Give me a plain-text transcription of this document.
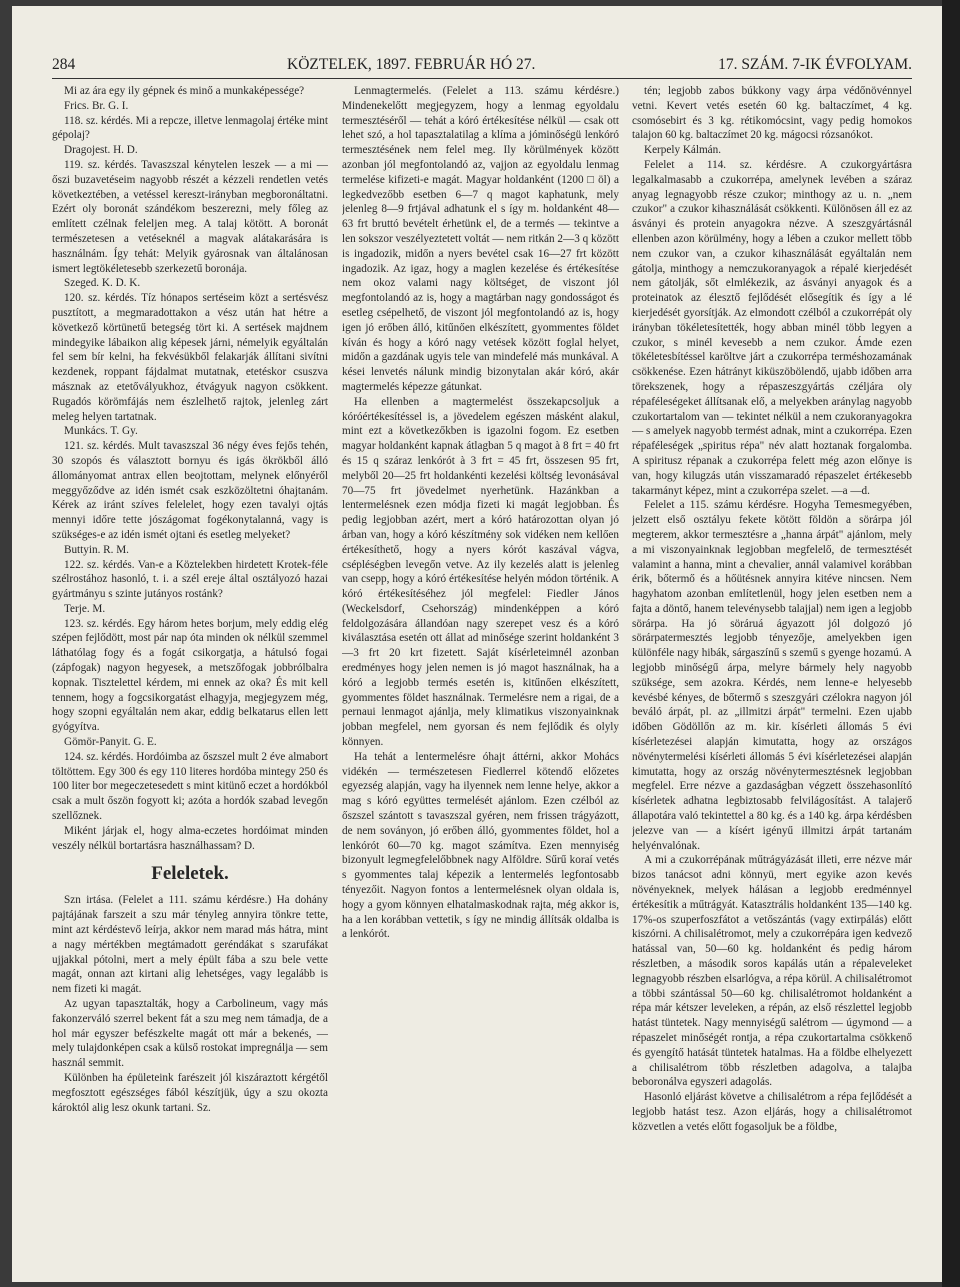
284	KÖZTELEK, 1897. FEBRUÁR HÓ 27.	17. SZÁM. 7-IK ÉVFOLYAM.

Mi az ára egy ily gépnek és minő a munkaképessége?

Frics. Br. G. I.

118. sz. kérdés. Mi a repcze, illetve lenmagolaj értéke mint gépolaj?

Dragojest. H. D.

119. sz. kérdés. Tavaszszal kénytelen leszek — a mi — őszi buzavetéseim nagyobb részét a kézzeli rendetlen vetés következtében, a vetéssel kereszt-irányban megboronáltatni. Ezért oly boronát szándékom beszerezni, mely főleg az említett czélnak feleljen meg. A talaj kötött. A boronát természetesen a vetéseknél a magvak alátakarására is használnám. Így tehát: Melyik gyárosnak van általánosan ismert legtökéletesebb szerkezetű boronája.

Szeged. K. D. K.

120. sz. kérdés. Tíz hónapos sertéseim közt a sertésvész pusztított, a megmaradottakon a vész után hat hétre a következő körtünetű betegség tört ki. A sertések majdnem mindegyike lábaikon alig képesek járni, némelyik egyáltalán fel sem bír kelni, ha fekvésükből felakarják állítani sivítni kezdenek, roppant fájdalmat mutatnak, etetéskor csuszva másznak az etetővályukhoz, étvágyuk nagyon csökkent. Rugadós körömfájás nem észlelhető rajtok, jelenleg zárt meleg helyen tartatnak.

Munkács. T. Gy.

121. sz. kérdés. Mult tavaszszal 36 négy éves fejős tehén, 30 szopós és választott bornyu és igás ökrökből álló állományomat antrax ellen beojtottam, melynek előnyéről meggyőződve az idén ismét csak eszközöltetni óhajtanám. Kérek az iránt szíves felelelet, hogy ezen tavalyi ojtás mennyi időre tette jószágomat fogékonytalanná, vagy is szükséges-e az idén ismét ojtani és esetleg melyeket?

Buttyin. R. M.

122. sz. kérdés. Van-e a Köztelekben hirdetett Krotek-féle szélrostához hasonló, t. i. a szél ereje által osztályozó hazai gyártmányu s szinte jutányos rostánk?

Terje. M.

123. sz. kérdés. Egy három hetes borjum, mely eddig elég szépen fejlődött, most pár nap óta minden ok nélkül szemmel láthatólag fogy és a fogát csikorgatja, a hátulsó fogai (zápfogak) nagyon hegyesek, a metszőfogak jobbrólbalra kopnak. Tisztelettel kérdem, mi ennek az oka? És mit kell tennem, hogy a fogcsikorgatást elhagyja, megjegyzem még, hogy szopni egyáltalán nem akar, eddig belkatarus ellen lett gyógyítva.

Gömör-Panyit. G. E.

124. sz. kérdés. Hordóimba az őszszel mult 2 éve almabort töltöttem. Egy 300 és egy 110 literes hordóba mintegy 250 és 100 liter bor megeczetesedett s mint kitünő eczet a hordókból csak a mult őszön fogyott ki; azóta a hordók szabad levegőn szellőznek.

Miként járjak el, hogy alma-eczetes hordóimat minden veszély nélkül bortartásra használhassam? D.

Feleletek.

Szn irtása. (Felelet a 111. számu kérdésre.) Ha dohány pajtájának farszeit a szu már tényleg annyira tönkre tette, mint azt kérdéstevő leírja, akkor nem marad más hátra, mint a nagy mértékben megtámadott geréndákat s szarufákat ujjakkal pótolni, mert a mely épült fába a szu bele vette magát, onnan azt kirtani alig lehetséges, vagy legalább is nem fizeti ki magát.

Az ugyan tapasztalták, hogy a Carbolineum, vagy más fakonzerváló szerrel bekent fát a szu meg nem támadja, de a hol már egyszer befészkelte magát ott már a bekenés, — mely tulajdonképen csak a külső rostokat impregnálja — sem használ semmit.

Különben ha épületeink farészeit jól kiszáraztott kérgétől megfosztott egészséges fából készítjük, úgy a szu okozta károktól alig lesz okunk tartani. Sz.

Lenmagtermelés. (Felelet a 113. számu kérdésre.) Mindenekelőtt megjegyzem, hogy a lenmag egyoldalu termesztéséről — tehát a kóró értékesítése nélkül — csak ott lehet szó, a hol tapasztalatilag a klíma a jóminőségü lenkóró termesztésének nem felel meg. Ily körülmények között azonban jól megfontolandó az, vajjon az egyoldalu lenmag termelése kifizeti-e magát. Magyar holdanként (1200 □ öl) a legkedvezőbb esetben 6—7 q magot kaphatunk, mely jelenleg 8—9 frtjával adhatunk el s így m. holdanként 48—63 frt bruttó bevételt érhetünk el, de a termés — tekintve a len sokszor veszélyeztetett voltát — nem ritkán 2—3 q között is ingadozik, midőn a nyers bevétel csak 16—27 frt között ingadozik. Az igaz, hogy a maglen kezelése és értékesítése nem okoz valami nagy költséget, de viszont jól megfontolandó az is, hogy a magtárban nagy gondosságot és esetleg csépelhető, de viszont jól megfontolandó az is, hogy igen jó erőben álló, kitűnően elkészített, gyommentes földet kíván és hogy a kóró nagy vetések között foglal helyet, midőn a gazdának ugyis tele van mindefelé más munkával. A kései lenvetés nálunk mindig bizonytalan akár kóró, akár magtermelés képezze gátunkat.

Ha ellenben a magtermelést összekapcsoljuk a kóróértékesítéssel is, a jövedelem egészen másként alakul, mint ezt a következőkben is igazolni fogom. Ez esetben magyar holdanként kapnak átlagban 5 q magot à 8 frt = 40 frt és 15 q száraz lenkórót à 3 frt = 45 frt, összesen 95 frt, melyből 20—25 frt holdankénti kezelési költség levonásával 70—75 frt jövedelmet nyerhetünk. Hazánkban a lentermelésnek ezen módja fizeti ki magát legjobban. És pedig legjobban azért, mert a kóró határozottan olyan jó árban van, hogy a kóró készítmény sok vidéken nem kellően értékesíthető, hogy a nyers kórót kaszával vágva, csépléségben levegőn vetve. Az ily kezelés alatt is jelenleg van csepp, hogy a kóró értékesítése helyén módon történik. A kóró értékesítéséhez jól megfelel: Fiedler János (Weckelsdorf, Csehország) mindenképpen a kóró feldolgozására állandóan nagy szerepet vesz és a kóró kiválasztása esetén ott állat ad minősége szerint holdanként 3—3 frt 20 krt fizetett. Saját kísérleteimnél azonban eredményes hogy jelen nemen is jó magot használnak, ha a kóró a legjobb termés esetén is, kitűnően elkészített, gyommentes földet használnak. Termelésre nem a rigai, de a pernaui lenmagot ajánlja, mely klimatikus viszonyainknak jobban megfelel, nem gyorsan és nem fejlődik és olyly könnyen.

Ha tehát a lentermelésre óhajt áttérni, akkor Mohács vidékén — természetesen Fiedlerrel kötendő előzetes egyezség alapján, vagy ha ilyennek nem lenne helye, akkor a mag s kóró együttes termelését ajánlom. Ezen czélból az őszszel szántott s tavaszszal gyéren, nem frissen trágyázott, de nem soványon, jó erőben álló, gyommentes földet, hol a lenkórót 60—70 kg. magot számítva. Ezen mennyiség bizonyult legmegfelelőbbnek nagy Alföldre. Sűrű koraí vetés s gyommentes talaj képezik a lentermelés legfontosabb tényezőit. Nagyon fontos a lentermelésnek olyan oldala is, hogy a gyom könnyen elhatalmaskodnak rajta, még akkor is, ha a len korábban vettetik, s így ne mindig állítsák oldalba is a lenkórót.

tén; legjobb zabos búkkony vagy árpa védőnövénnyel vetni. Kevert vetés esetén 60 kg. baltaczímet, 4 kg. csomósebirt és 3 kg. rétikomócsint, vagy pedig homokos talajon 60 kg. baltaczímet 20 kg. mágocsi rózsanókot.

Kerpely Kálmán.

Felelet a 114. sz. kérdésre. A czukorgyártásra legalkalmasabb a czukorrépa, amelynek levében a száraz anyag legnagyobb része czukor; minthogy az u. n. „nem czukor" a czukor kihasználását csökkenti. Különösen áll ez az ásványi és protein anyagokra nézve. A szeszgyártásnál ellenben azon körülmény, hogy a lében a czukor mellett több nem czukor van, a czukor kihasználását egyáltalán nem gátolja, minthogy a nemczukoranyagok a répalé kierjedését nem gátolják, sőt elmlékezik, az ásványi anyagok és a proteinatok az élesztő fejlődését elősegítik és így a lé kierjedését gyorsítják. Az elmondott czélból a czukorrépát oly irányban tökéletesítették, hogy abban minél több legyen a czukor, s minél kevesebb a nem czukor. Ámde ezen tökéletesbítéssel karöltve járt a czukorrépa terméshozamának csökkenése. Ezen hátrányt kiküszöbölendő, ujabb időben arra törekszenek, hogy a répaszeszgyártás czéljára oly répaféleségeket állítsanak elő, a melyekben aránylag nagyobb czukortartalom van — tekintet nélkül a nem czukoranyagokra — s amelyek nagyobb termést adnak, mint a czukorrépa. Ezen répaféleségek „spiritus répa" név alatt hoztanak forgalomba. A spiritusz répanak a czukorrépa felett még azon előnye is van, hogy kilugzás után visszamaradó répaszelet értékesebb takarmányt képez, mint a czukorrépa szelet. —a —d.

Felelet a 115. számu kérdésre. Hogyha Temesmegyében, jelzett első osztályu fekete kötött földön a sörárpa jól megterem, akkor termesztésre a „hanna árpát" ajánlom, mely a mi viszonyainknak legjobban megfelelő, de termesztését valamint a hanna, mint a chevalier, annál valamivel korábban érik, bőtermő és a hőütésnek annyira kitéve nincsen. Nem hagyhatom azonban említetlenül, hogy jelen esetben nem a fajta a döntő, hanem televénysebb talajjal) nem igen a legjobb sörárpa. Ha jó söráruá ágyazott jól dolgozó jó sörárpatermesztés legjobb tényezője, amelyekben igen különféle nagy hibák, sárgaszínű s szemű s gyenge hozamú. A legjobb minőségű árpa, melyre bármely hely nagyobb szüksége, sem azokra. Kérdés, nem lenne-e helyesebb kevésbé kényes, de bőtermő s szeszgyári czélokra nagyon jól beváló árpát, pl. az „illmitzi árpát" termelni. Ezen ujabb időben Gödöllőn az m. kir. kísérleti állomás 5 évi kísérletezései alapján kimutatta, hogy az országos növénytermelési kísérleti állomás 5 évi kísérletezései alapján kimutatta, hogy az ország növénytermesztésnek legjobban megfelel. Erre nézve a gazdaságban végzett összehasonlító kísérletek adhatna legbiztosabb felvilágosítást. A talajerő állapotára való tekintettel a 80 kg. és a 140 kg. árpa kérdésben jelezve van — a kísért igényű illmitzi árpát tartanám helyénvalónak.

A mi a czukorrépának műtrágyázását illeti, erre nézve már bizos tanácsot adni könnyü, mert egyike azon kevés növényeknek, melyek hálásan a legjobb eredménnyel értékesítik a műtrágyát. Katasztrális holdanként 135—140 kg. 17%-os szuperfoszfátot a vetőszántás (vagy extirpálás) előtt kiszórni. A chilisalétromot, mely a czukorrépára igen kedvező hatással van, 50—60 kg. holdanként és pedig három részletben, a második soros kapálás után a répaleveleket legnagyobb részben elsarlógva, a répa körül. A chilisalétromot a többi szántással 50—60 kg. chilisalétromot holdanként a répa már kétszer leveleken, a répán, az első részlettel legjobb hatást tüntetek. Nagy mennyiségű salétrom — úgymond — a répaszelet minőségét rontja, a répa czukortartalma csökkenő és gyengítő hatását tüntetek hatalmas. Ha a földbe elhelyezett a chilisalétrom több részletben adagolva, a talajba beboronálva egyszeri adagolás.

Hasonló eljárást követve a chilisalétrom a répa fejlődését a legjobb hatást tesz. Azon eljárás, hogy a chilisalétromot közvetlen a vetés előtt fogasoljuk be a földbe,
